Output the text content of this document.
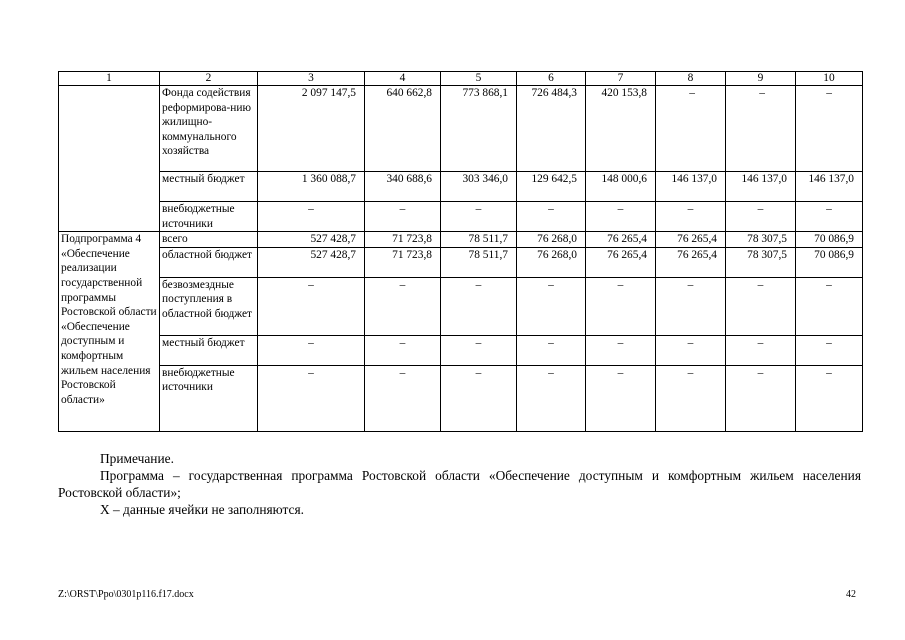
1	2	3	4	5	6	7	8	9	10
	Фонда содействия реформирова-нию жилищно-коммунального хозяйства	2 097 147,5	640 662,8	773 868,1	726 484,3	420 153,8	–	–	–
	местный бюджет	1 360 088,7	340 688,6	303 346,0	129 642,5	148 000,6	146 137,0	146 137,0	146 137,0
	внебюджетные источники	–	–	–	–	–	–	–	–
Подпрограмма 4 «Обеспечение реализации государственной программы Ростовской области «Обеспечение доступным и комфортным жильем населения Ростовской области»	всего	527 428,7	71 723,8	78 511,7	76 268,0	76 265,4	76 265,4	78 307,5	70 086,9
	областной бюджет	527 428,7	71 723,8	78 511,7	76 268,0	76 265,4	76 265,4	78 307,5	70 086,9
	безвозмездные поступления в областной бюджет	–	–	–	–	–	–	–	–
	местный бюджет	–	–	–	–	–	–	–	–
	внебюджетные источники	–	–	–	–	–	–	–	–

Примечание.

Программа – государственная программа Ростовской области «Обеспечение доступным и комфортным жильем населения Ростовской области»;

Х – данные ячейки не заполняются.

Z:\ORST\Ppo\0301p116.f17.docx	42
